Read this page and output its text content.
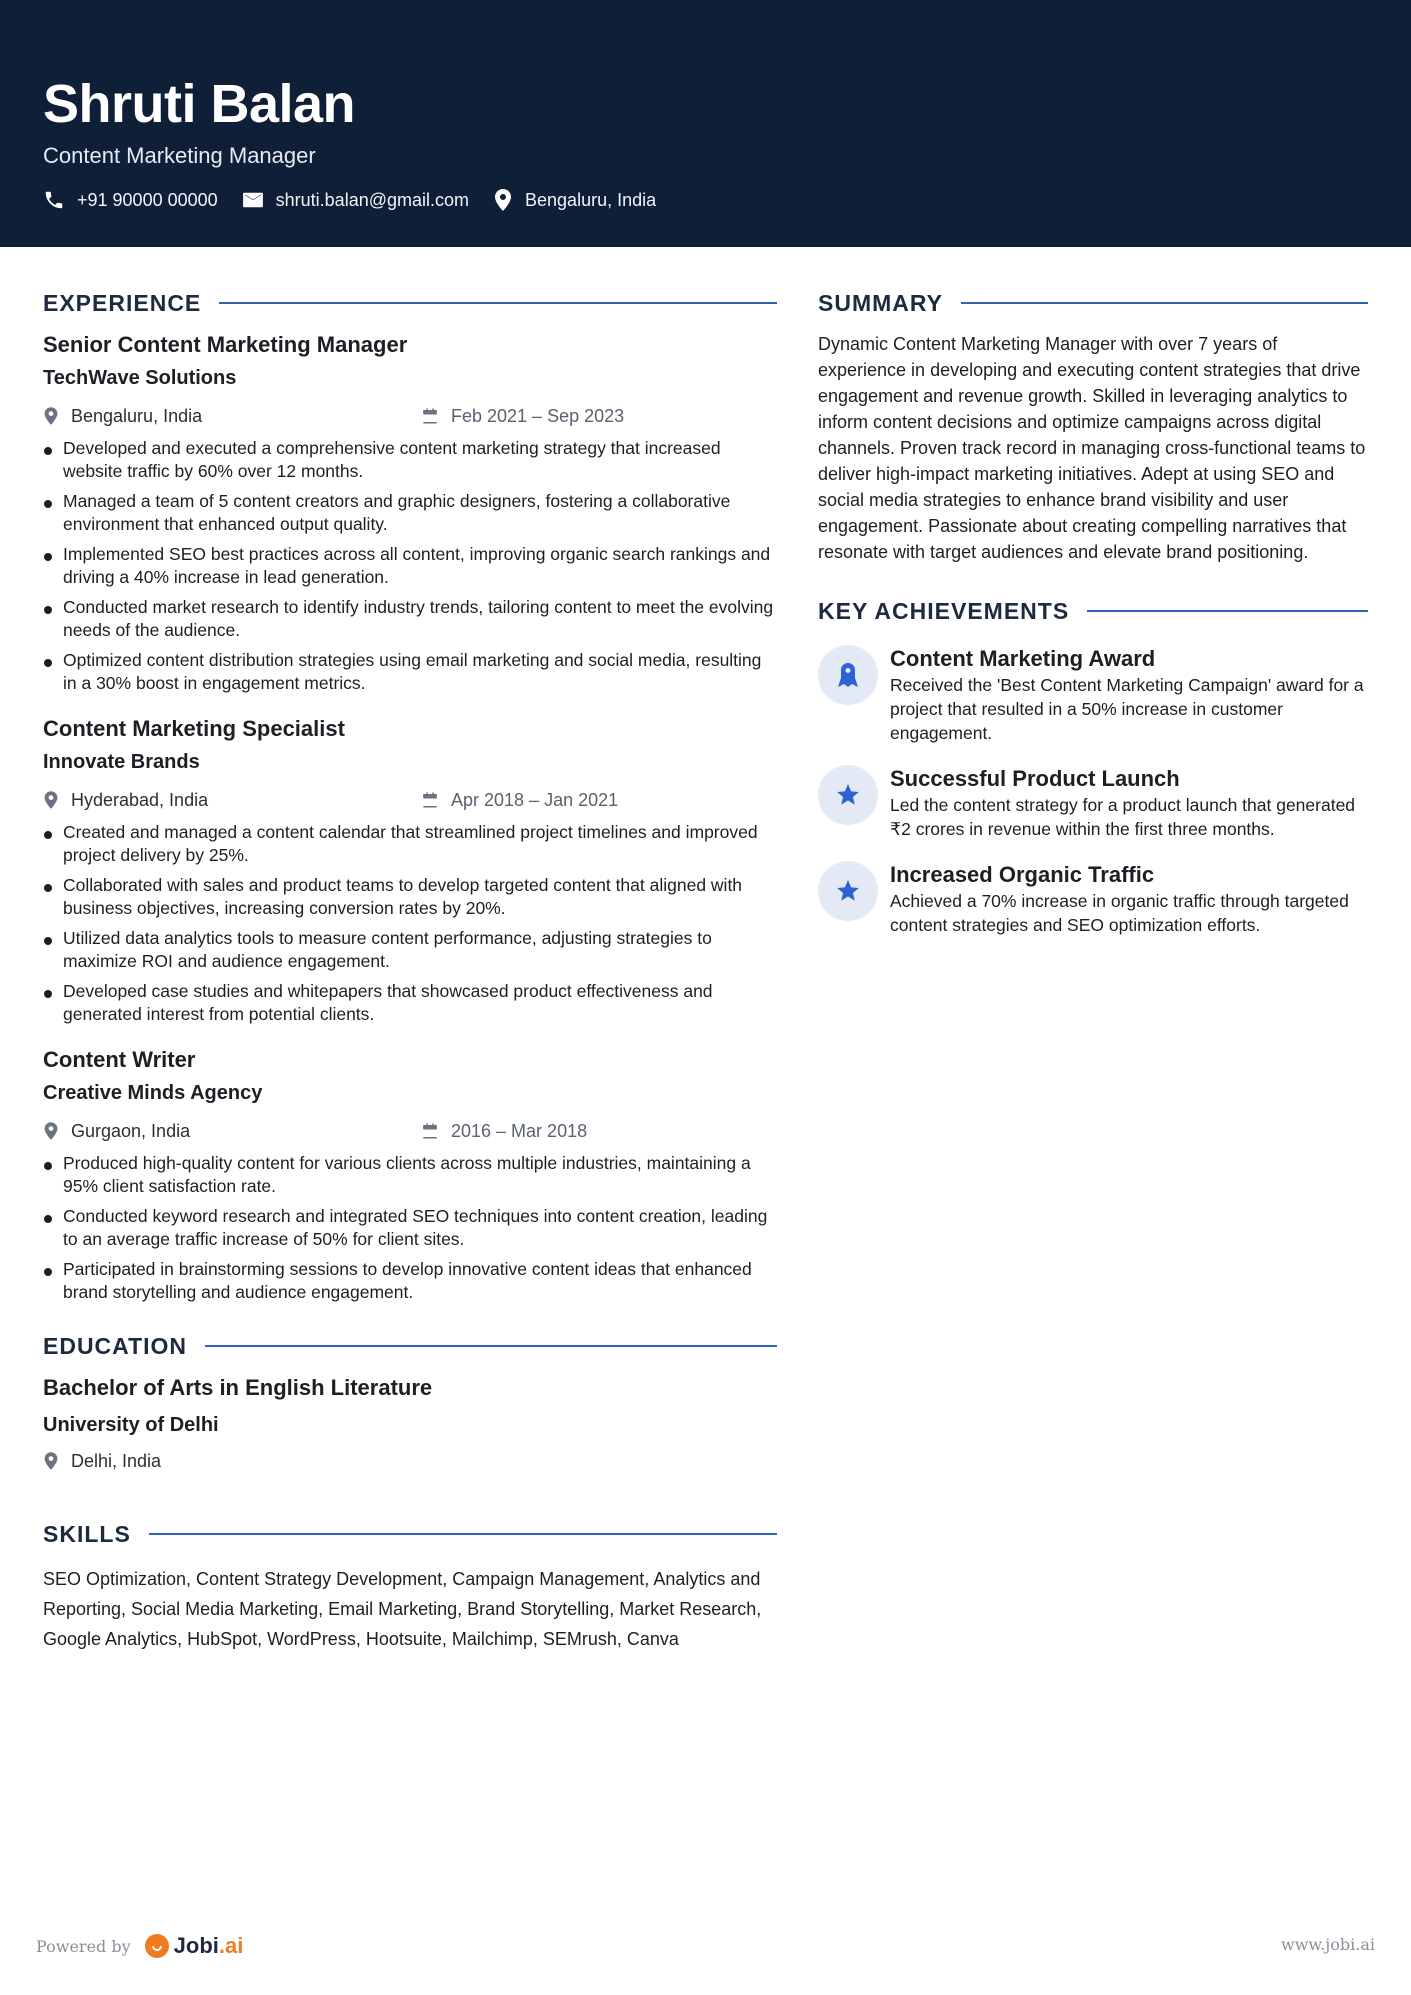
Shruti Balan
Content Marketing Manager
+91 90000 00000	shruti.balan@gmail.com	Bengaluru, India
EXPERIENCE
Senior Content Marketing Manager
TechWave Solutions
Bengaluru, India	Feb 2021 – Sep 2023
Developed and executed a comprehensive content marketing strategy that increased website traffic by 60% over 12 months.
Managed a team of 5 content creators and graphic designers, fostering a collaborative environment that enhanced output quality.
Implemented SEO best practices across all content, improving organic search rankings and driving a 40% increase in lead generation.
Conducted market research to identify industry trends, tailoring content to meet the evolving needs of the audience.
Optimized content distribution strategies using email marketing and social media, resulting in a 30% boost in engagement metrics.
Content Marketing Specialist
Innovate Brands
Hyderabad, India	Apr 2018 – Jan 2021
Created and managed a content calendar that streamlined project timelines and improved project delivery by 25%.
Collaborated with sales and product teams to develop targeted content that aligned with business objectives, increasing conversion rates by 20%.
Utilized data analytics tools to measure content performance, adjusting strategies to maximize ROI and audience engagement.
Developed case studies and whitepapers that showcased product effectiveness and generated interest from potential clients.
Content Writer
Creative Minds Agency
Gurgaon, India	2016 – Mar 2018
Produced high-quality content for various clients across multiple industries, maintaining a 95% client satisfaction rate.
Conducted keyword research and integrated SEO techniques into content creation, leading to an average traffic increase of 50% for client sites.
Participated in brainstorming sessions to develop innovative content ideas that enhanced brand storytelling and audience engagement.
EDUCATION
Bachelor of Arts in English Literature
University of Delhi
Delhi, India
SKILLS
SEO Optimization, Content Strategy Development, Campaign Management, Analytics and Reporting, Social Media Marketing, Email Marketing, Brand Storytelling, Market Research, Google Analytics, HubSpot, WordPress, Hootsuite, Mailchimp, SEMrush, Canva
SUMMARY
Dynamic Content Marketing Manager with over 7 years of experience in developing and executing content strategies that drive engagement and revenue growth. Skilled in leveraging analytics to inform content decisions and optimize campaigns across digital channels. Proven track record in managing cross-functional teams to deliver high-impact marketing initiatives. Adept at using SEO and social media strategies to enhance brand visibility and user engagement. Passionate about creating compelling narratives that resonate with target audiences and elevate brand positioning.
KEY ACHIEVEMENTS
Content Marketing Award
Received the 'Best Content Marketing Campaign' award for a project that resulted in a 50% increase in customer engagement.
Successful Product Launch
Led the content strategy for a product launch that generated ₹2 crores in revenue within the first three months.
Increased Organic Traffic
Achieved a 70% increase in organic traffic through targeted content strategies and SEO optimization efforts.
Powered by Jobi .ai	www.jobi.ai
